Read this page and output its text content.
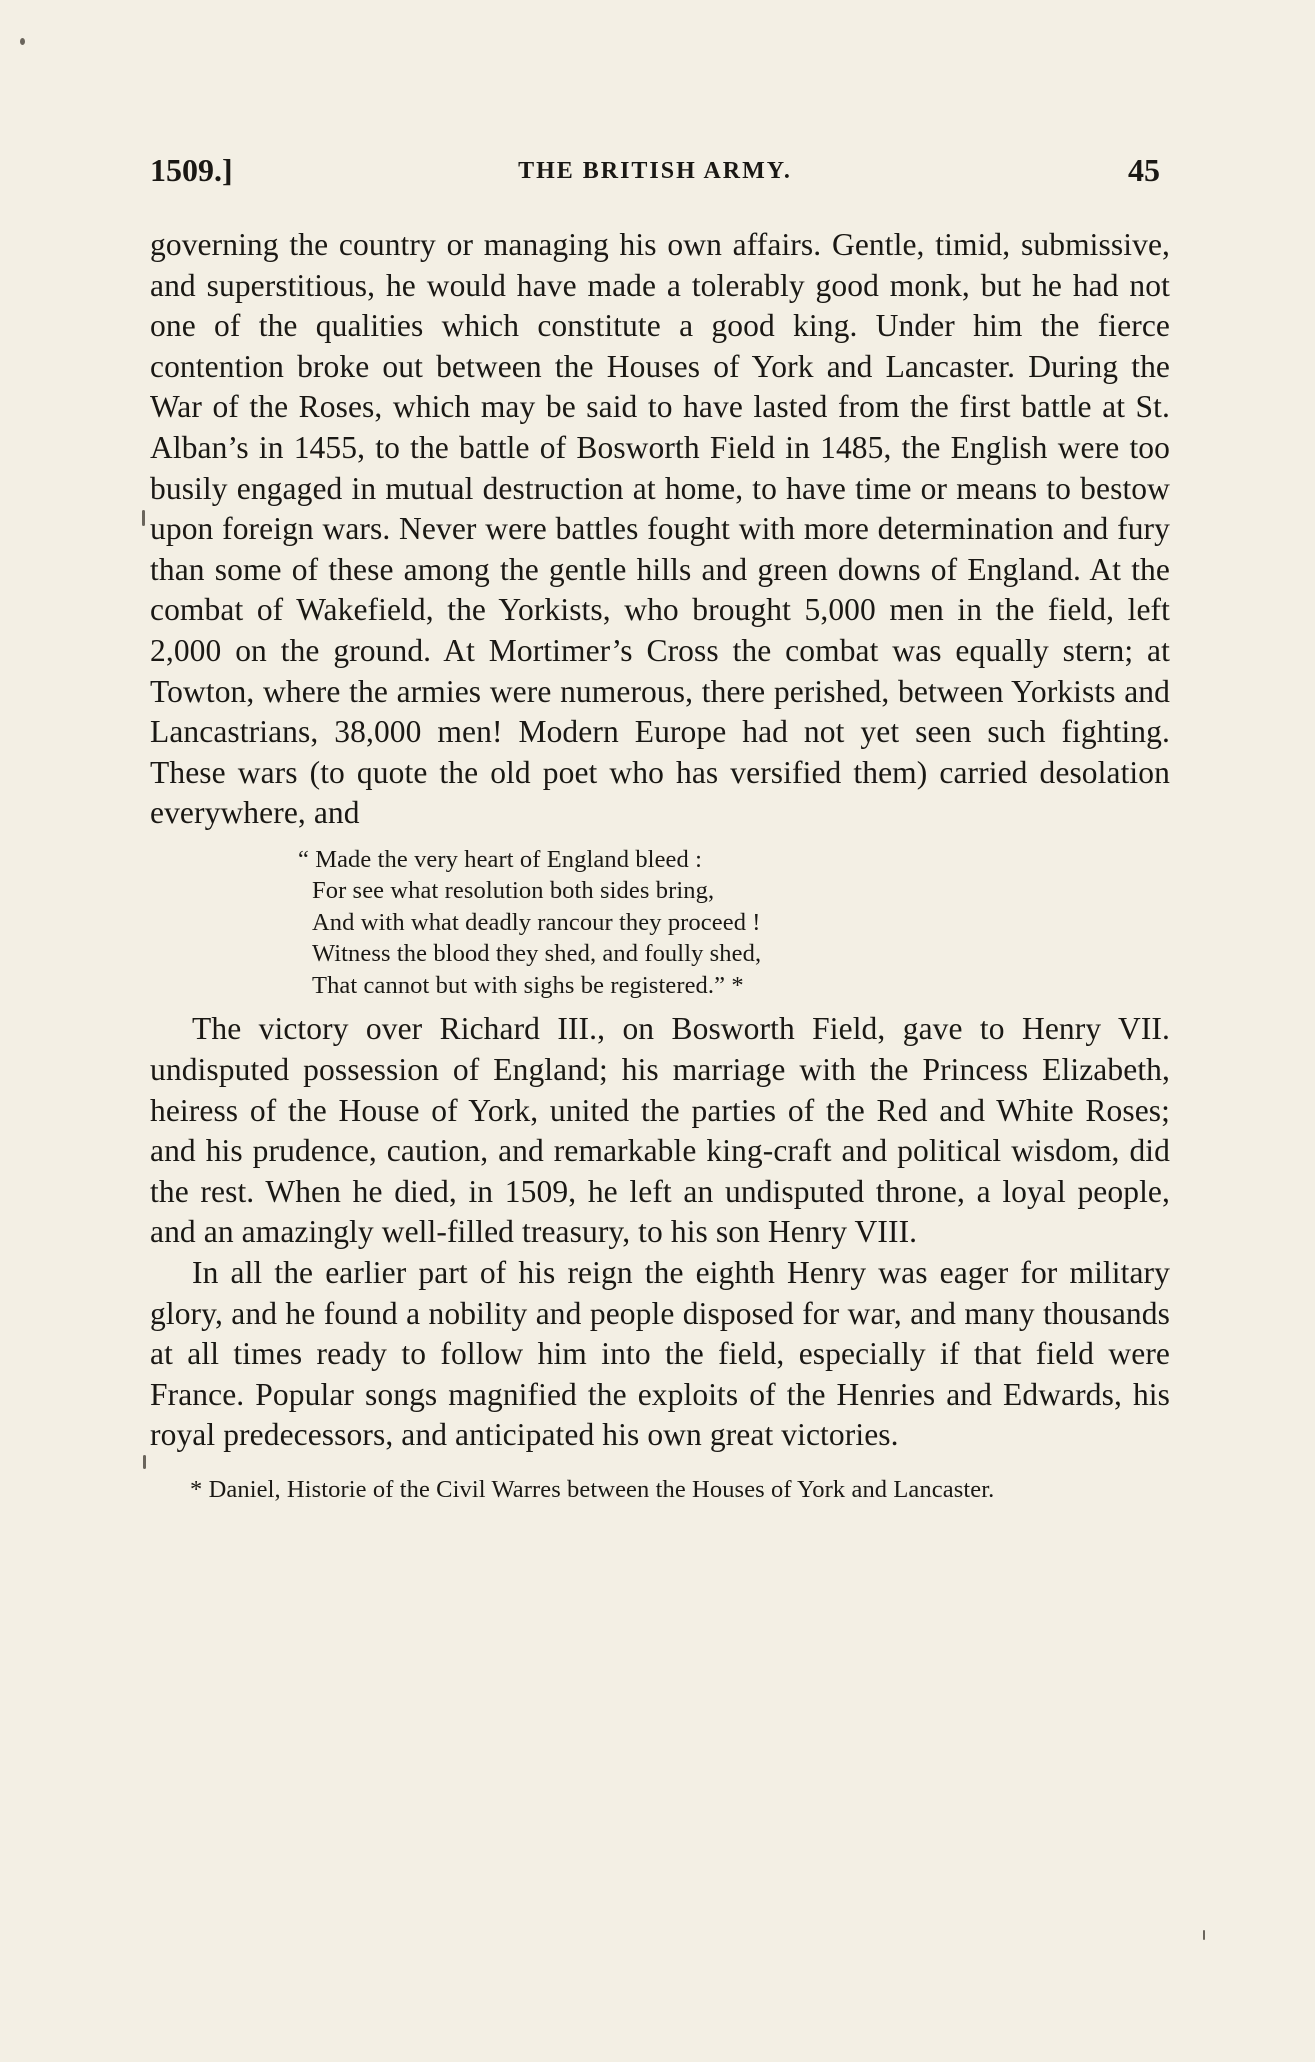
1509.]	THE BRITISH ARMY.	45

governing the country or managing his own affairs. Gentle, timid, submissive, and superstitious, he would have made a tolerably good monk, but he had not one of the qualities which constitute a good king. Under him the fierce contention broke out between the Houses of York and Lancaster. During the War of the Roses, which may be said to have lasted from the first battle at St. Alban’s in 1455, to the battle of Bosworth Field in 1485, the English were too busily engaged in mutual destruction at home, to have time or means to bestow upon foreign wars. Never were battles fought with more determination and fury than some of these among the gentle hills and green downs of England. At the combat of Wakefield, the Yorkists, who brought 5,000 men in the field, left 2,000 on the ground. At Mortimer’s Cross the combat was equally stern; at Towton, where the armies were numerous, there perished, between Yorkists and Lancastrians, 38,000 men! Modern Europe had not yet seen such fighting. These wars (to quote the old poet who has versified them) carried desolation everywhere, and

“ Made the very heart of England bleed :
For see what resolution both sides bring,
And with what deadly rancour they proceed !
Witness the blood they shed, and foully shed,
That cannot but with sighs be registered.” *

The victory over Richard III., on Bosworth Field, gave to Henry VII. undisputed possession of England; his marriage with the Princess Elizabeth, heiress of the House of York, united the parties of the Red and White Roses; and his prudence, caution, and remarkable king-craft and political wisdom, did the rest. When he died, in 1509, he left an undisputed throne, a loyal people, and an amazingly well-filled treasury, to his son Henry VIII.

In all the earlier part of his reign the eighth Henry was eager for military glory, and he found a nobility and people disposed for war, and many thousands at all times ready to follow him into the field, especially if that field were France. Popular songs magnified the exploits of the Henries and Edwards, his royal predecessors, and anticipated his own great victories.

* Daniel, Historie of the Civil Warres between the Houses of York and Lancaster.
